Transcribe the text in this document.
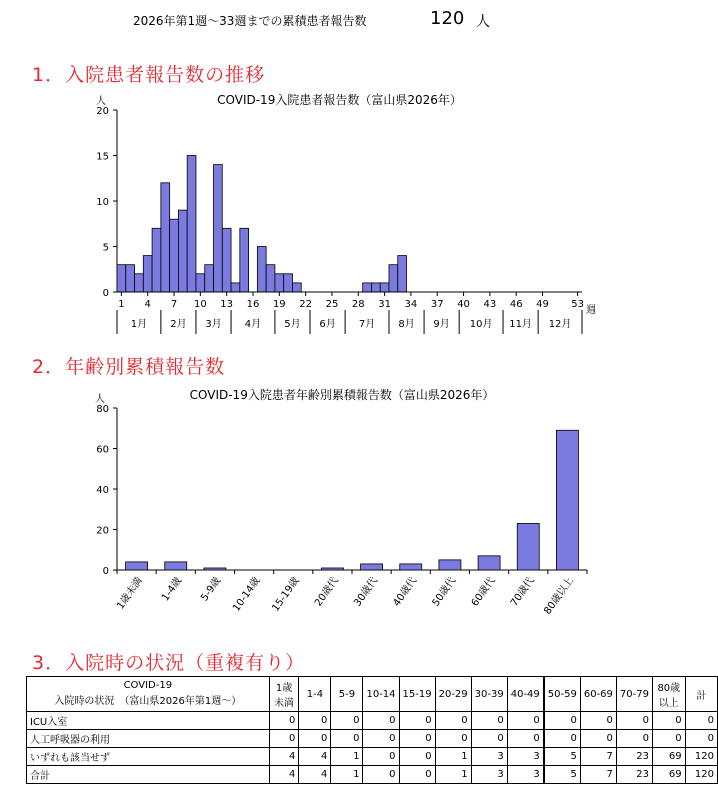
2026年第1週～33週までの累積患者報告数	120 人
1．入院患者報告数の推移
COVID-19入院患者報告数（富山県2026年）
人
0
5
10
15
20
1 4 7 10 13 16 19 22 25 28 31 34 37 40 43 46 49 53
週
1月 2月 3月 4月 5月 6月 7月 8月 9月 10月 11月 12月
2．年齢別累積報告数
COVID-19入院患者年齢別累積報告数（富山県2026年）
人
0
20
40
60
80
1歳未満 1-4歳 5-9歳 10-14歳 15-19歳 20歳代 30歳代 40歳代 50歳代 60歳代 70歳代 80歳以上
3．入院時の状況（重複有り）
COVID-19
入院時の状況　（富山県2026年第1週～）	1歳
未満	1-4	5-9	10-14	15-19	20-29	30-39	40-49	50-59	60-69	70-79	80歳
以上	計
ICU入室	0	0	0	0	0	0	0	0	0	0	0	0	0
人工呼吸器の利用	0	0	0	0	0	0	0	0	0	0	0	0	0
いずれも該当せず	4	4	1	0	0	1	3	3	5	7	23	69	120
合計	4	4	1	0	0	1	3	3	5	7	23	69	120
